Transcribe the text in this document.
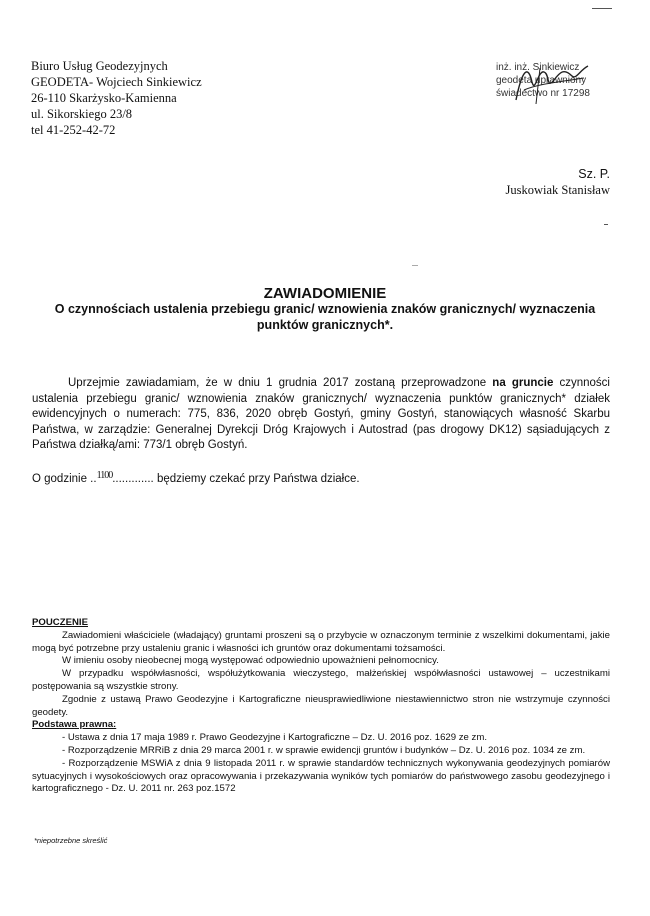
Biuro Usług Geodezyjnych
GEODETA- Wojciech Sinkiewicz
26-110 Skarżysko-Kamienna
ul. Sikorskiego 23/8
tel 41-252-42-72
inż. inż. Sinkiewicz
geodeta uprawniony
świadectwo nr 17298
Sz. P.
Juskowiak Stanisław
ZAWIADOMIENIE
O czynnościach ustalenia przebiegu granic/ wznowienia znaków granicznych/ wyznaczenia punktów granicznych*.
Uprzejmie zawiadamiam, że w dniu 1 grudnia 2017 zostaną przeprowadzone na gruncie czynności ustalenia przebiegu granic/ wznowienia znaków granicznych/ wyznaczenia punktów granicznych* działek ewidencyjnych o numerach: 775, 836, 2020 obręb Gostyń, gminy Gostyń, stanowiących własność Skarbu Państwa, w zarządzie: Generalnej Dyrekcji Dróg Krajowych i Autostrad (pas drogowy DK12) sąsiadujących z Państwa działką/ami: 773/1 obręb Gostyń.
O godzinie ..1100............. będziemy czekać przy Państwa działce.
POUCZENIE

Zawiadomieni właściciele (władający) gruntami proszeni są o przybycie w oznaczonym terminie z wszelkimi dokumentami, jakie mogą być potrzebne przy ustaleniu granic i własności ich gruntów oraz dokumentami tożsamości.

W imieniu osoby nieobecnej mogą występować odpowiednio upoważnieni pełnomocnicy.

W przypadku współwłasności, współużytkowania wieczystego, małżeńskiej współwłasności ustawowej – uczestnikami postępowania są wszystkie strony.

Zgodnie z ustawą Prawo Geodezyjne i Kartograficzne nieusprawiedliwione niestawiennictwo stron nie wstrzymuje czynności geodety.

Podstawa prawna:

- Ustawa z dnia 17 maja 1989 r. Prawo Geodezyjne i Kartograficzne – Dz. U. 2016 poz. 1629 ze zm.

- Rozporządzenie MRRiB z dnia 29 marca 2001 r. w sprawie ewidencji gruntów i budynków – Dz. U. 2016 poz. 1034 ze zm.

- Rozporządzenie MSWiA z dnia 9 listopada 2011 r. w sprawie standardów technicznych wykonywania geodezyjnych pomiarów sytuacyjnych i wysokościowych oraz opracowywania i przekazywania wyników tych pomiarów do państwowego zasobu geodezyjnego i kartograficznego - Dz. U. 2011 nr. 263 poz.1572

*niepotrzebne skreślić
